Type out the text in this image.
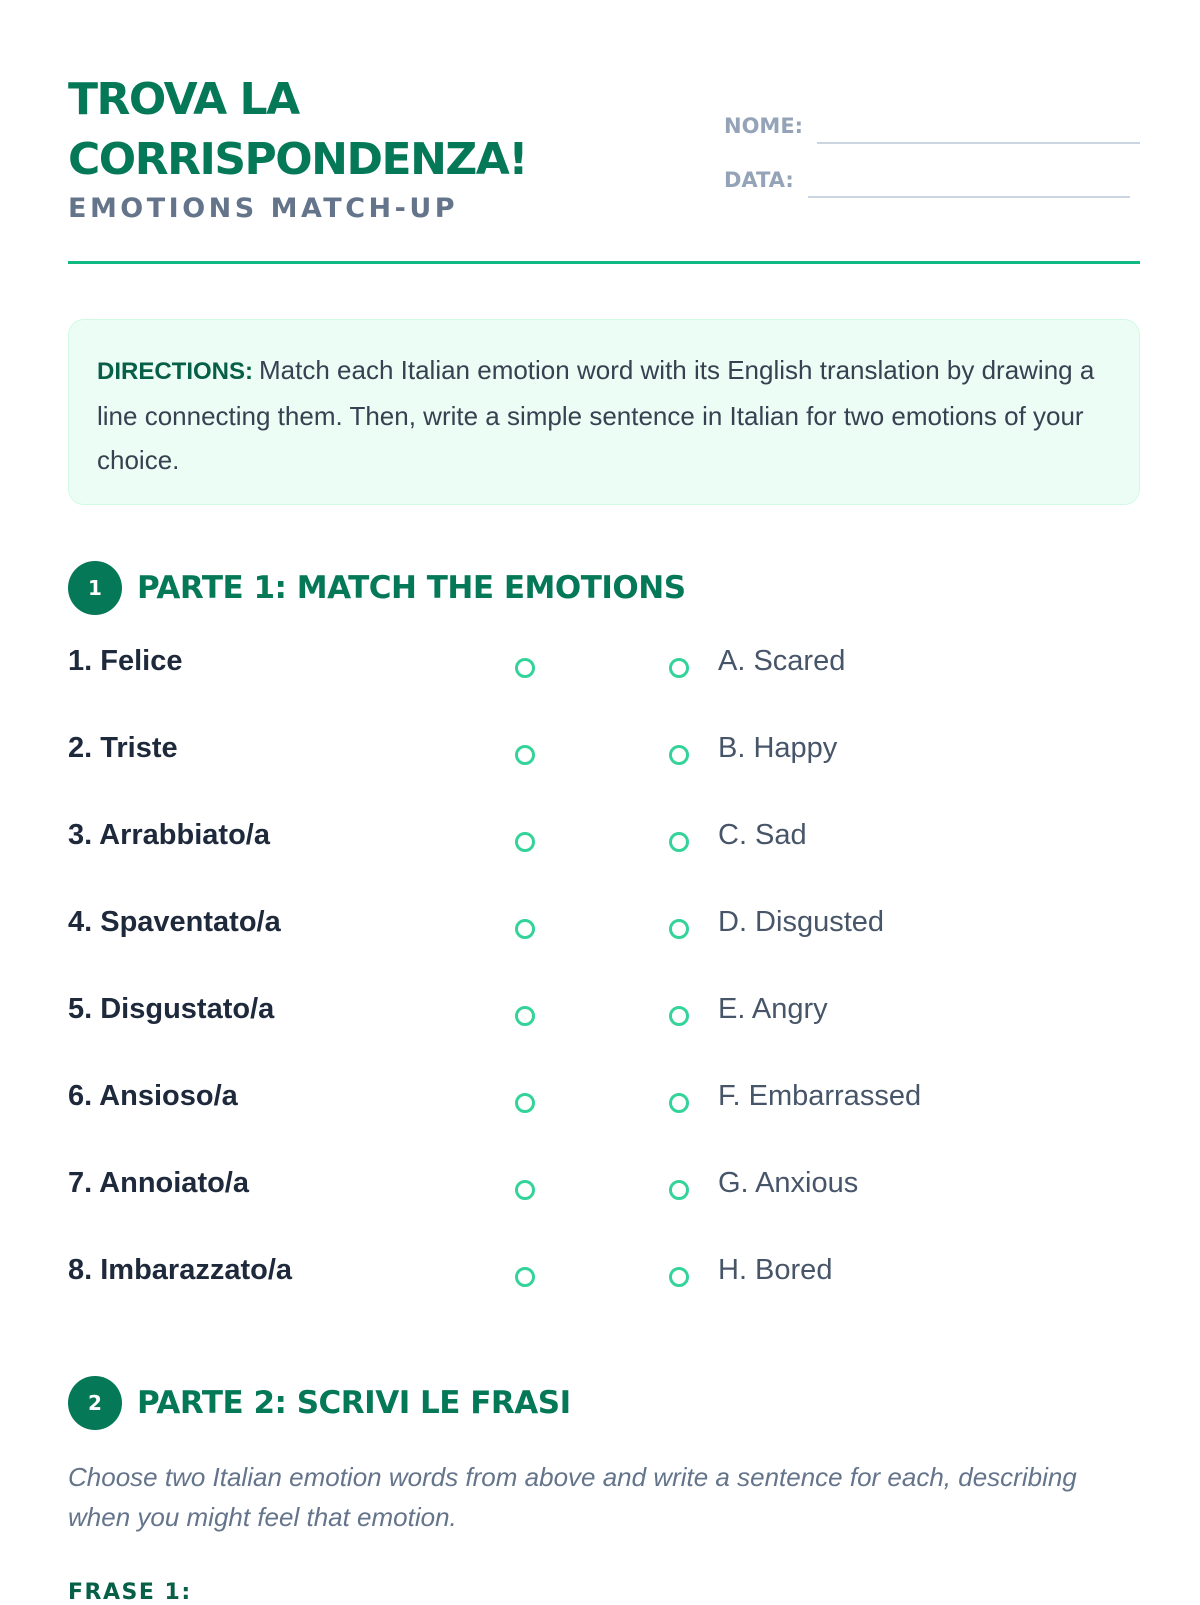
TROVA LA CORRISPONDENZA!
EMOTIONS MATCH-UP
NOME:
DATA:
DIRECTIONS: Match each Italian emotion word with its English translation by drawing a line connecting them. Then, write a simple sentence in Italian for two emotions of your choice.
1	PARTE 1: MATCH THE EMOTIONS
1. Felice	A. Scared
2. Triste	B. Happy
3. Arrabbiato/a	C. Sad
4. Spaventato/a	D. Disgusted
5. Disgustato/a	E. Angry
6. Ansioso/a	F. Embarrassed
7. Annoiato/a	G. Anxious
8. Imbarazzato/a	H. Bored
2	PARTE 2: SCRIVI LE FRASI
Choose two Italian emotion words from above and write a sentence for each, describing when you might feel that emotion.
FRASE 1:
